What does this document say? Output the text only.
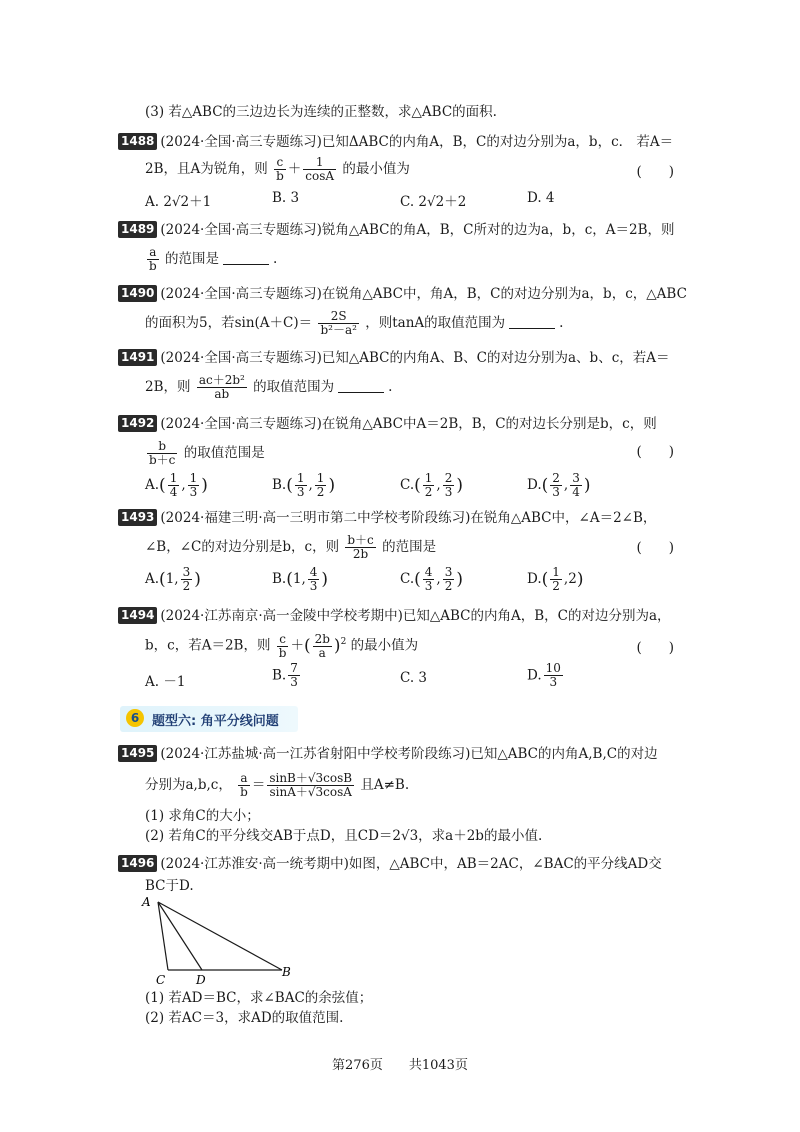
(3) 若△ABC的三边边长为连续的正整数，求△ABC的面积.
1488 (2024·全国·高三专题练习)已知ΔABC的内角A，B，C的对边分别为a，b，c． 若A＝
2B，且A为锐角，则 $\frac{c}{b} + \frac{1}{\cos A}$ 的最小值为	(　　)
A. 2√2＋1	B. 3	C. 2√2＋2	D. 4
1489 (2024·全国·高三专题练习)锐角△ABC的角A，B，C所对的边为a，b，c，A＝2B，则
$\frac{a}{b}$ 的范围是	.
1490 (2024·全国·高三专题练习)在锐角△ABC中，角A，B，C的对边分别为a，b，c，△ABC
的面积为5，若$\sin(A+C)= \frac{2S}{\text{b²－a²}}$ ，则tanA的取值范围为	.
1491 (2024·全国·高三专题练习)已知△ABC的内角A、B、C的对边分别为a、b、c，若A＝
2B，则 $\frac{\text{ac＋2b²}}{ab}$ 的取值范围为	.
1492 (2024·全国·高三专题练习)在锐角△ABC中A＝2B，B，C的对边长分别是b，c，则
$\frac{b}{b+c}$ 的取值范围是	(　　)
$A.( \frac{1}{4}$ , $\frac{1}{3}$ )	$B.( \frac{1}{3}$ , $\frac{1}{2}$ )	$C.( \frac{1}{2}$ , $\frac{2}{3}$ )	$D.( \frac{2}{3}$ , $\frac{3}{4}$ )
1493 (2024·福建三明·高一三明市第二中学校考阶段练习)在锐角△ABC中，∠A＝2∠B，
∠B，∠C的对边分别是b，c，则 $\frac{b+c}{2b}$ 的范围是	(　　)
A.(1, $\frac{3}{2}$ )	B.(1, $\frac{4}{3}$ )	$C.( \frac{4}{3}$ , $\frac{3}{2}$ )	$D.( \frac{1}{2} ,2)$
1494 (2024·江苏南京·高一金陵中学校考期中)已知△ABC的内角A，B，C的对边分别为a，
b，c，若A＝2B，则 $\frac{c}{b}$ ＋( $\frac{2b}{a} )^2$ 的最小值为	(　　)
A. －1	B. $\frac{7}{3}$	C. 3	D. $\frac{10}{3}$
6 题型六: 角平分线问题
1495 (2024·江苏盐城·高一江苏省射阳中学校考阶段练习)已知△ABC的内角A,B,C的对边
分别为a,b,c， $\frac{a}{b} = \frac{\sin B+√3\cos B}{\sin A+√3\cos A}$ 且A≠B.
(1) 求角C的大小；
(2) 若角C的平分线交AB于点D，且CD＝2√3，求a＋2b的最小值.
1496 (2024·江苏淮安·高一统考期中)如图，△ABC中，AB＝2AC，∠BAC的平分线AD交
BC于D.
A
C	D
B
(1) 若AD＝BC，求∠BAC的余弦值；
(2) 若AC＝3，求AD的取值范围.
第276页　　共1043页
